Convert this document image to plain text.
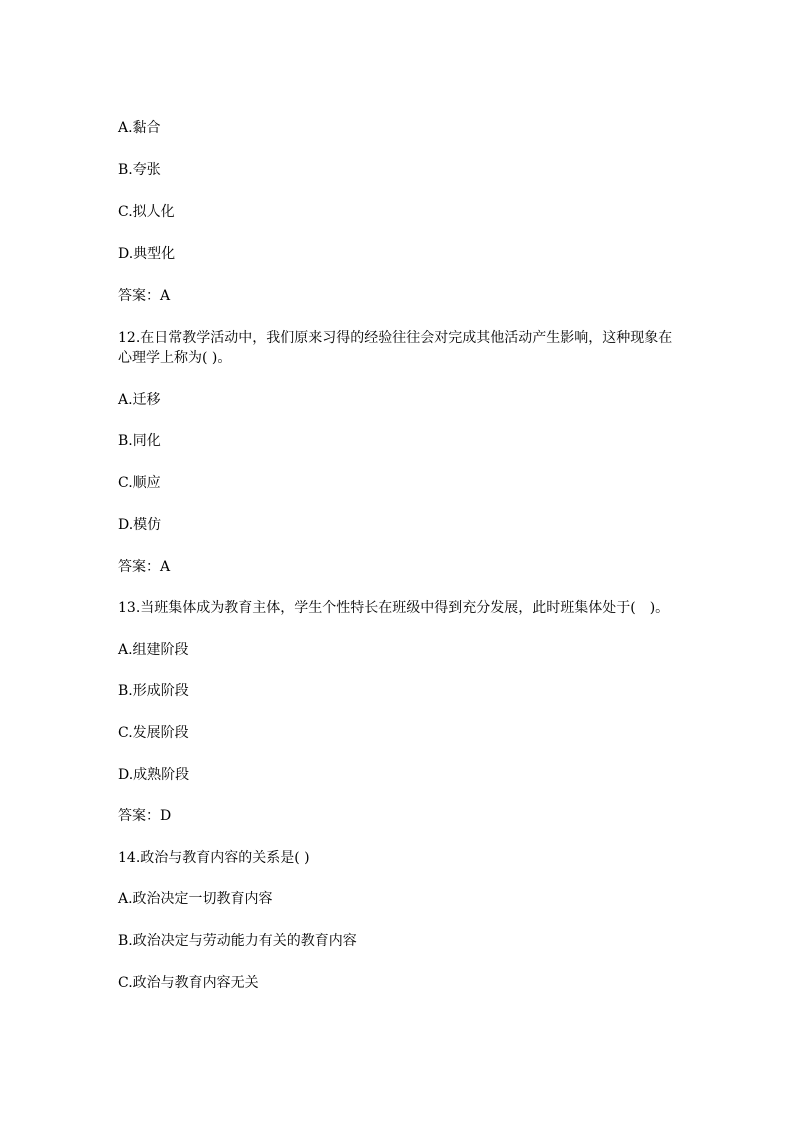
A.黏合
B.夸张
C.拟人化
D.典型化
答案：A
12.在日常教学活动中，我们原来习得的经验往往会对完成其他活动产生影响，这种现象在
心理学上称为( )。
A.迁移
B.同化
C.顺应
D.模仿
答案：A
13.当班集体成为教育主体，学生个性特长在班级中得到充分发展，此时班集体处于(　)。
A.组建阶段
B.形成阶段
C.发展阶段
D.成熟阶段
答案：D
14.政治与教育内容的关系是( )
A.政治决定一切教育内容
B.政治决定与劳动能力有关的教育内容
C.政治与教育内容无关
